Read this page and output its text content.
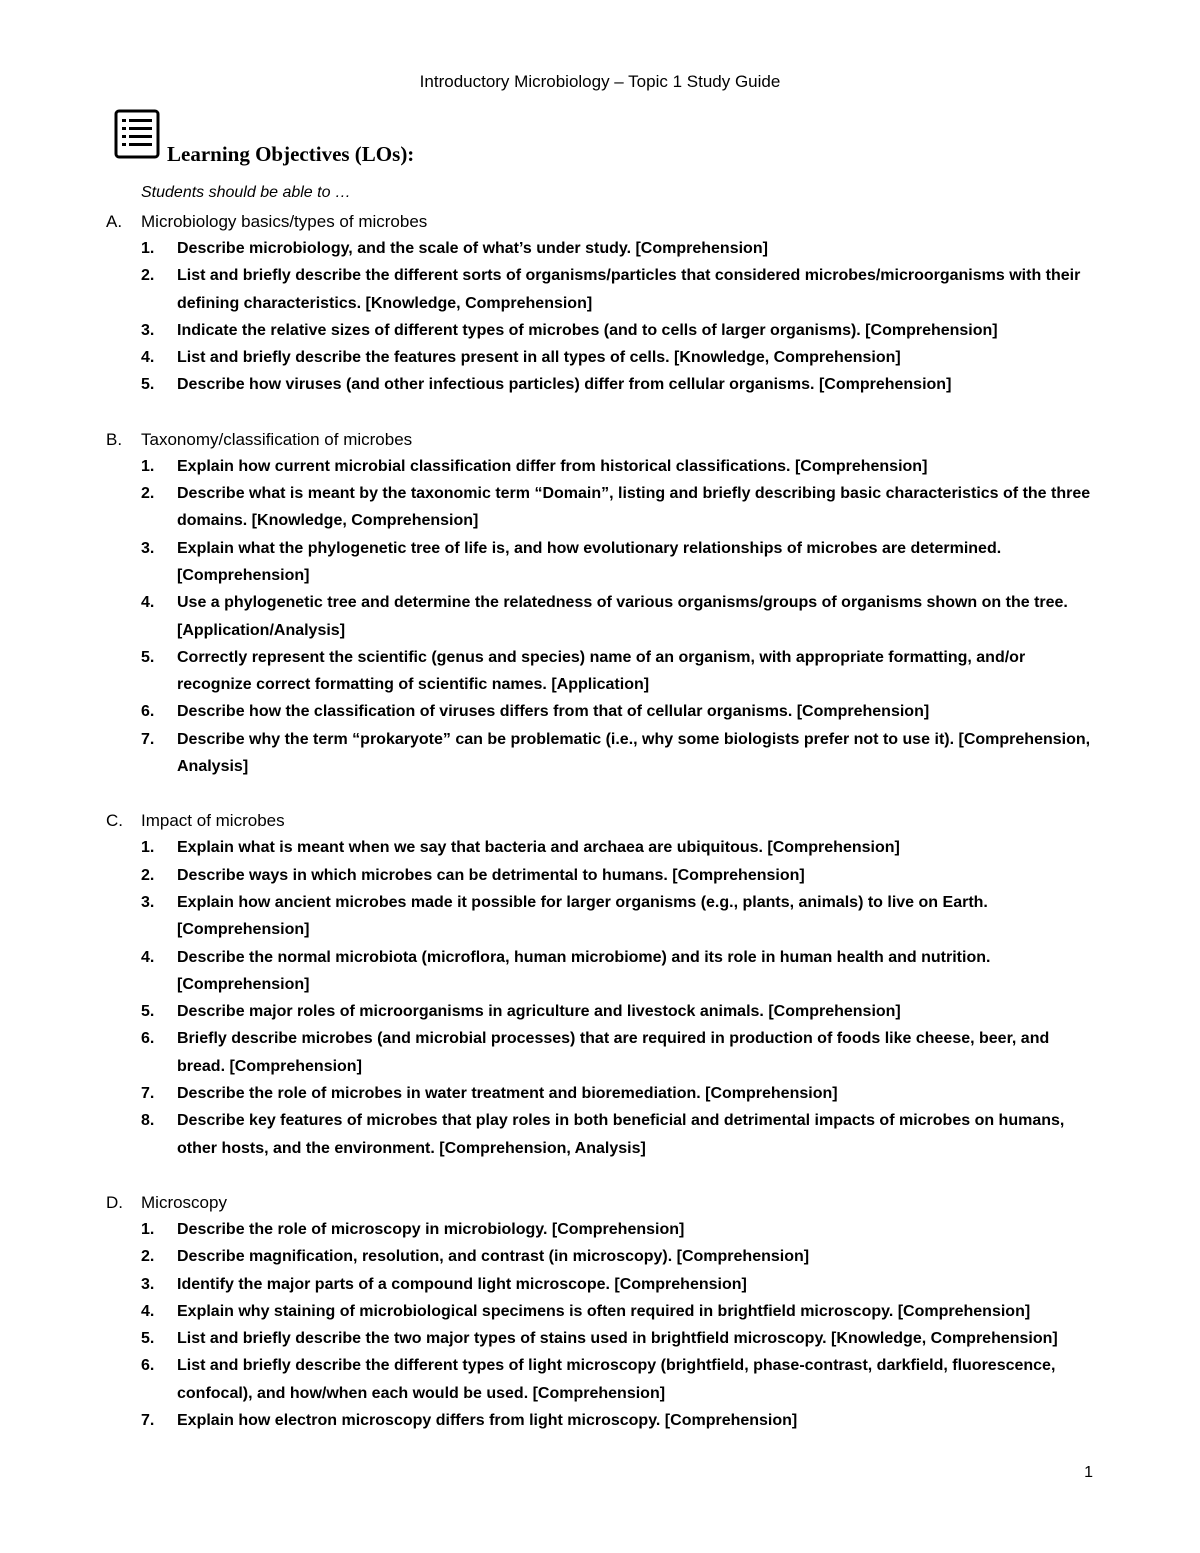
Introductory Microbiology – Topic 1 Study Guide
Learning Objectives (LOs):
Students should be able to …
A. Microbiology basics/types of microbes
1. Describe microbiology, and the scale of what’s under study. [Comprehension]
2. List and briefly describe the different sorts of organisms/particles that considered microbes/microorganisms with their defining characteristics. [Knowledge, Comprehension]
3. Indicate the relative sizes of different types of microbes (and to cells of larger organisms). [Comprehension]
4. List and briefly describe the features present in all types of cells. [Knowledge, Comprehension]
5. Describe how viruses (and other infectious particles) differ from cellular organisms. [Comprehension]
B. Taxonomy/classification of microbes
1. Explain how current microbial classification differ from historical classifications. [Comprehension]
2. Describe what is meant by the taxonomic term “Domain”, listing and briefly describing basic characteristics of the three domains. [Knowledge, Comprehension]
3. Explain what the phylogenetic tree of life is, and how evolutionary relationships of microbes are determined. [Comprehension]
4. Use a phylogenetic tree and determine the relatedness of various organisms/groups of organisms shown on the tree. [Application/Analysis]
5. Correctly represent the scientific (genus and species) name of an organism, with appropriate formatting, and/or recognize correct formatting of scientific names. [Application]
6. Describe how the classification of viruses differs from that of cellular organisms. [Comprehension]
7. Describe why the term “prokaryote” can be problematic (i.e., why some biologists prefer not to use it). [Comprehension, Analysis]
C. Impact of microbes
1. Explain what is meant when we say that bacteria and archaea are ubiquitous. [Comprehension]
2. Describe ways in which microbes can be detrimental to humans. [Comprehension]
3. Explain how ancient microbes made it possible for larger organisms (e.g., plants, animals) to live on Earth. [Comprehension]
4. Describe the normal microbiota (microflora, human microbiome) and its role in human health and nutrition. [Comprehension]
5. Describe major roles of microorganisms in agriculture and livestock animals. [Comprehension]
6. Briefly describe microbes (and microbial processes) that are required in production of foods like cheese, beer, and bread. [Comprehension]
7. Describe the role of microbes in water treatment and bioremediation. [Comprehension]
8. Describe key features of microbes that play roles in both beneficial and detrimental impacts of microbes on humans, other hosts, and the environment. [Comprehension, Analysis]
D. Microscopy
1. Describe the role of microscopy in microbiology. [Comprehension]
2. Describe magnification, resolution, and contrast (in microscopy). [Comprehension]
3. Identify the major parts of a compound light microscope. [Comprehension]
4. Explain why staining of microbiological specimens is often required in brightfield microscopy. [Comprehension]
5. List and briefly describe the two major types of stains used in brightfield microscopy. [Knowledge, Comprehension]
6. List and briefly describe the different types of light microscopy (brightfield, phase-contrast, darkfield, fluorescence, confocal), and how/when each would be used. [Comprehension]
7. Explain how electron microscopy differs from light microscopy. [Comprehension]
1
